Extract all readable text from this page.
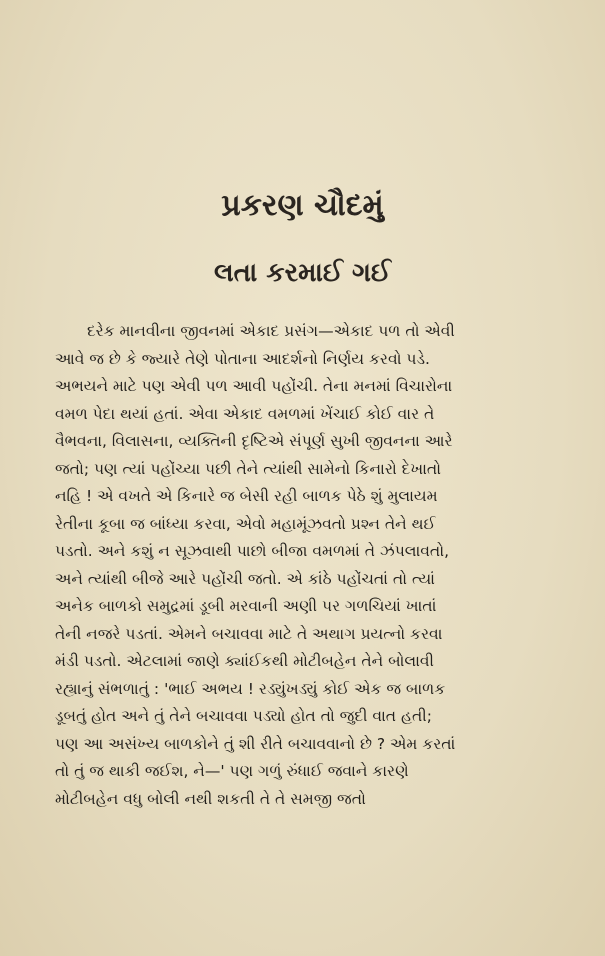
પ્રકરણ ચૌદમું
લતા કરમાઈ ગઈ
દરેક માનવીના જીવનમાં એકાદ પ્રસંગ—એકાદ પળ તો એવી
આવે જ છે કે જ્યારે તેણે પોતાના આદર્શનો નિર્ણય કરવો પડે.
અભયને માટે પણ એવી પળ આવી પહોંચી. તેના મનમાં વિચારોના
વમળ પેદા થયાં હતાં. એવા એકાદ વમળમાં ખેંચાઈ કોઈ વાર તે
વૈભવના, વિલાસના, વ્યક્તિની દૃષ્ટિએ સંપૂર્ણ સુખી જીવનના આરે
જતો; પણ ત્યાં પહોંચ્યા પછી તેને ત્યાંથી સામેનો કિનારો દેખાતો
નહિ ! એ વખતે એ કિનારે જ બેસી રહી બાળક પેઠે શું મુલાયમ
રેતીના કૂબા જ બાંધ્યા કરવા, એવો મહામૂંઝવતો પ્રશ્ન તેને થઈ
પડતો. અને કશું ન સૂઝવાથી પાછો બીજા વમળમાં તે ઝંપલાવતો,
અને ત્યાંથી બીજે આરે પહોંચી જતો. એ કાંઠે પહોંચતાં તો ત્યાં
અનેક બાળકો સમુદ્રમાં ડૂબી મરવાની અણી પર ગળચિયાં ખાતાં
તેની નજરે પડતાં. એમને બચાવવા માટે તે અથાગ પ્રયત્નો કરવા
મંડી પડતો. એટલામાં જાણે ક્યાંઈકથી મોટીબહેન તેને બોલાવી
રહ્યાનું સંભળાતું : 'ભાઈ અભય ! રડ્યુંખડ્યું કોઈ એક જ બાળક
ડૂબતું હોત અને તું તેને બચાવવા પડ્યો હોત તો જુદી વાત હતી;
પણ આ અસંખ્ય બાળકોને તું શી રીતે બચાવવાનો છે ? એમ કરતાં
તો તું જ થાકી જઈશ, ને—' પણ ગળું રુંધાઈ જવાને કારણે
મોટીબહેન વધુ બોલી નથી શકતી તે તે સમજી જતો
